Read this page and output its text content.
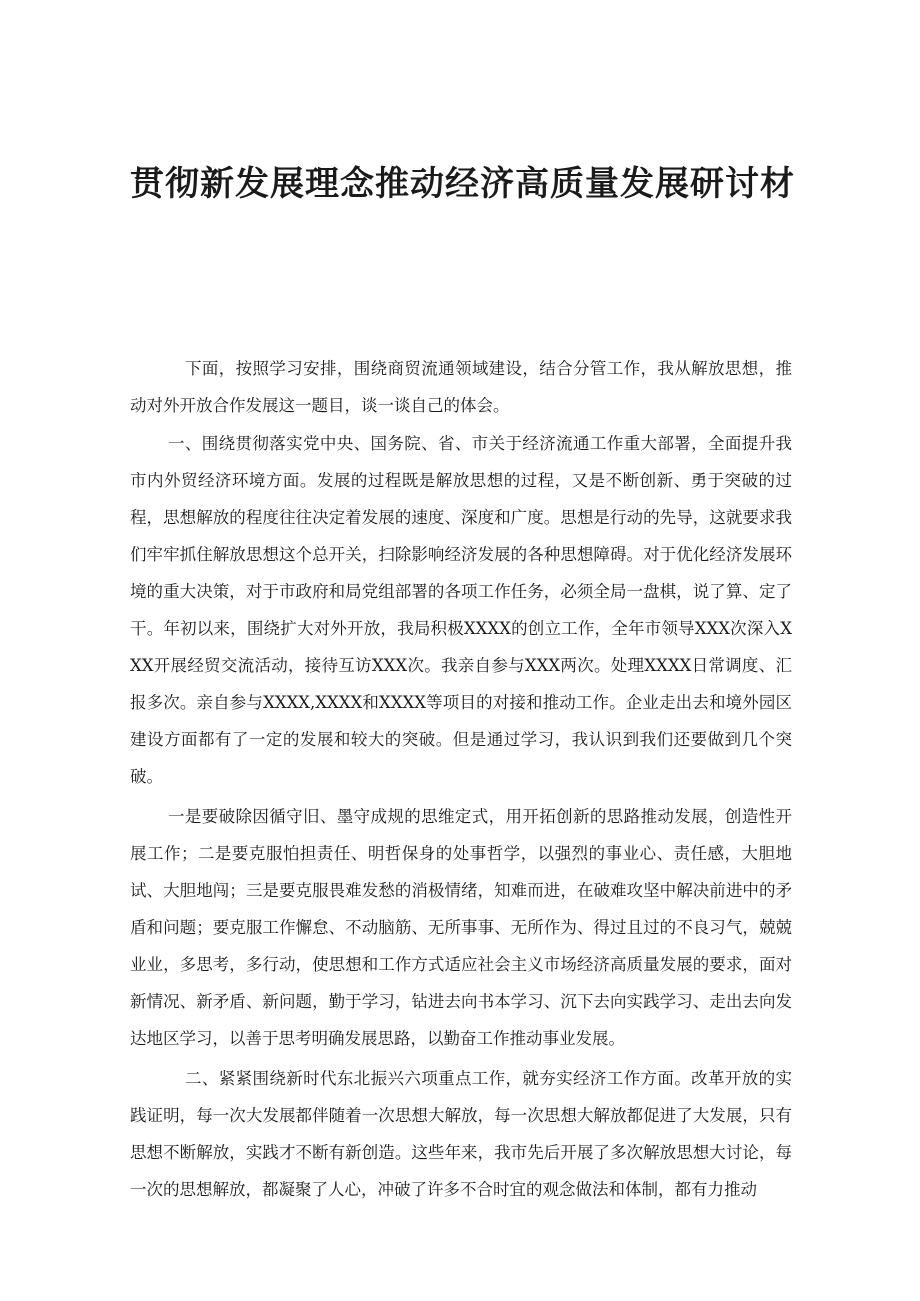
贯彻新发展理念推动经济高质量发展研讨材

下面，按照学习安排，围绕商贸流通领域建设，结合分管工作，我从解放思想，推动对外开放合作发展这一题目，谈一谈自己的体会。

一、围绕贯彻落实党中央、国务院、省、市关于经济流通工作重大部署，全面提升我市内外贸经济环境方面。发展的过程既是解放思想的过程，又是不断创新、勇于突破的过程，思想解放的程度往往决定着发展的速度、深度和广度。思想是行动的先导，这就要求我们牢牢抓住解放思想这个总开关，扫除影响经济发展的各种思想障碍。对于优化经济发展环境的重大决策，对于市政府和局党组部署的各项工作任务，必须全局一盘棋，说了算、定了干。年初以来，围绕扩大对外开放，我局积极XXXX的创立工作，全年市领导XXX次深入XXX开展经贸交流活动，接待互访XXX次。我亲自参与XXX两次。处理XXXX日常调度、汇报多次。亲自参与XXXX,XXXX和XXXX等项目的对接和推动工作。企业走出去和境外园区建设方面都有了一定的发展和较大的突破。但是通过学习，我认识到我们还要做到几个突破。

一是要破除因循守旧、墨守成规的思维定式，用开拓创新的思路推动发展，创造性开展工作；二是要克服怕担责任、明哲保身的处事哲学，以强烈的事业心、责任感，大胆地试、大胆地闯；三是要克服畏难发愁的消极情绪，知难而进，在破难攻坚中解决前进中的矛盾和问题；要克服工作懈怠、不动脑筋、无所事事、无所作为、得过且过的不良习气，兢兢业业，多思考，多行动，使思想和工作方式适应社会主义市场经济高质量发展的要求，面对新情况、新矛盾、新问题，勤于学习，钻进去向书本学习、沉下去向实践学习、走出去向发达地区学习，以善于思考明确发展思路，以勤奋工作推动事业发展。

二、紧紧围绕新时代东北振兴六项重点工作，就夯实经济工作方面。改革开放的实践证明，每一次大发展都伴随着一次思想大解放，每一次思想大解放都促进了大发展，只有思想不断解放，实践才不断有新创造。这些年来，我市先后开展了多次解放思想大讨论，每一次的思想解放，都凝聚了人心，冲破了许多不合时宜的观念做法和体制，都有力推动
